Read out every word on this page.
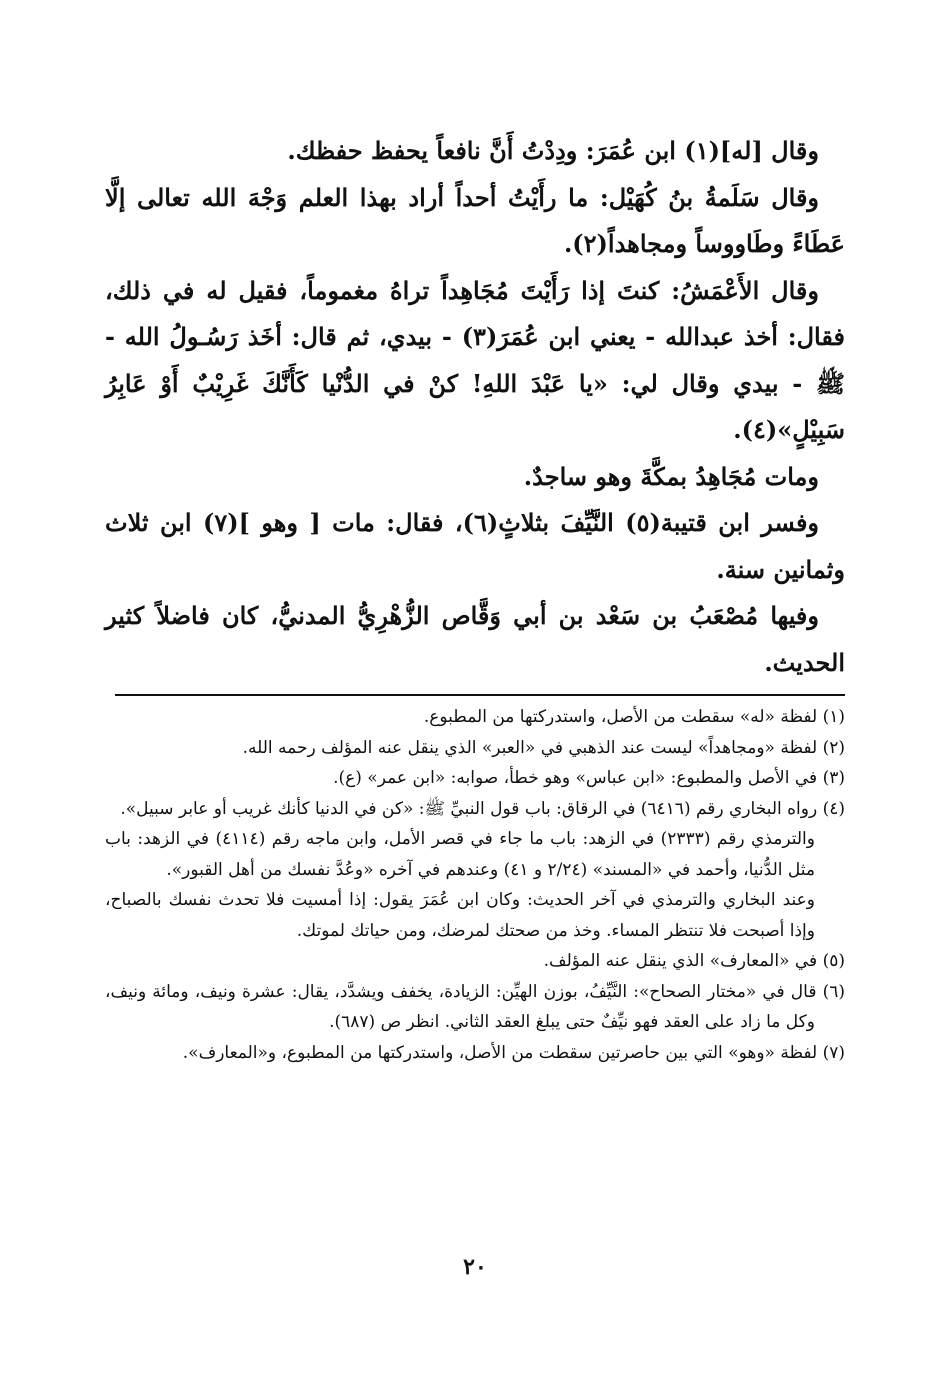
وقال [له](١) ابن عُمَرَ: ودِدْتُ أَنَّ نافعاً يحفظ حفظك.

وقال سَلَمةُ بنُ كُهَيْل: ما رأَيْتُ أحداً أراد بهذا العلم وَجْهَ الله تعالى إلَّا عَطَاءً وطَاووساً ومجاهداً(٢).

وقال الأَعْمَشُ: كنتَ إذا رَأَيْتَ مُجَاهِداً تراهُ مغموماً، فقيل له في ذلك، فقال: أخذ عبدالله - يعني ابن عُمَرَ(٣) - بيدي، ثم قال: أخَذ رَسُـولُ الله - ﷺ - بيدي وقال لي: «يا عَبْدَ اللهِ! كنْ في الدُّنْيا كَأَنَّكَ غَرِيْبٌ أَوْ عَابِرُ سَبِيْلٍ»(٤).

ومات مُجَاهِدُ بمكَّةَ وهو ساجدٌ.

وفسر ابن قتيبة(٥) النَّيِّفَ بثلاثٍ(٦)، فقال: مات [ وهو ](٧) ابن ثلاث وثمانين سنة.

وفيها مُصْعَبُ بن سَعْد بن أبي وَقَّاص الزُّهْرِيُّ المدنيُّ، كان فاضلاً كثير الحديث.

(١) لفظة «له» سقطت من الأصل، واستدركتها من المطبوع.

(٢) لفظة «ومجاهداً» ليست عند الذهبي في «العبر» الذي ينقل عنه المؤلف رحمه الله.

(٣) في الأصل والمطبوع: «ابن عباس» وهو خطأ، صوابه: «ابن عمر» (ع).

(٤) رواه البخاري رقم (٦٤١٦) في الرقاق: باب قول النبيِّ ﷺ: «كن في الدنيا كأنك غريب أو عابر سبيل».

والترمذي رقم (٢٣٣٣) في الزهد: باب ما جاء في قصر الأمل، وابن ماجه رقم (٤١١٤) في الزهد: باب مثل الدُّنيا، وأحمد في «المسند» (٢/٢٤ و ٤١) وعندهم في آخره «وعُدَّ نفسك من أهل القبور».

وعند البخاري والترمذي في آخر الحديث: وكان ابن عُمَرَ يقول: إذا أمسيت فلا تحدث نفسك بالصباح، وإذا أصبحت فلا تنتظر المساء. وخذ من صحتك لمرضك، ومن حياتك لموتك.

(٥) في «المعارف» الذي ينقل عنه المؤلف.

(٦) قال في «مختار الصحاح»: النَّيِّفُ، بوزن الهيِّن: الزيادة، يخفف ويشدَّد، يقال: عشرة ونيف، ومائة ونيف، وكل ما زاد على العقد فهو نيِّفٌ حتى يبلغ العقد الثاني. انظر ص (٦٨٧).

(٧) لفظة «وهو» التي بين حاصرتين سقطت من الأصل، واستدركتها من المطبوع، و«المعارف».

٢٠
